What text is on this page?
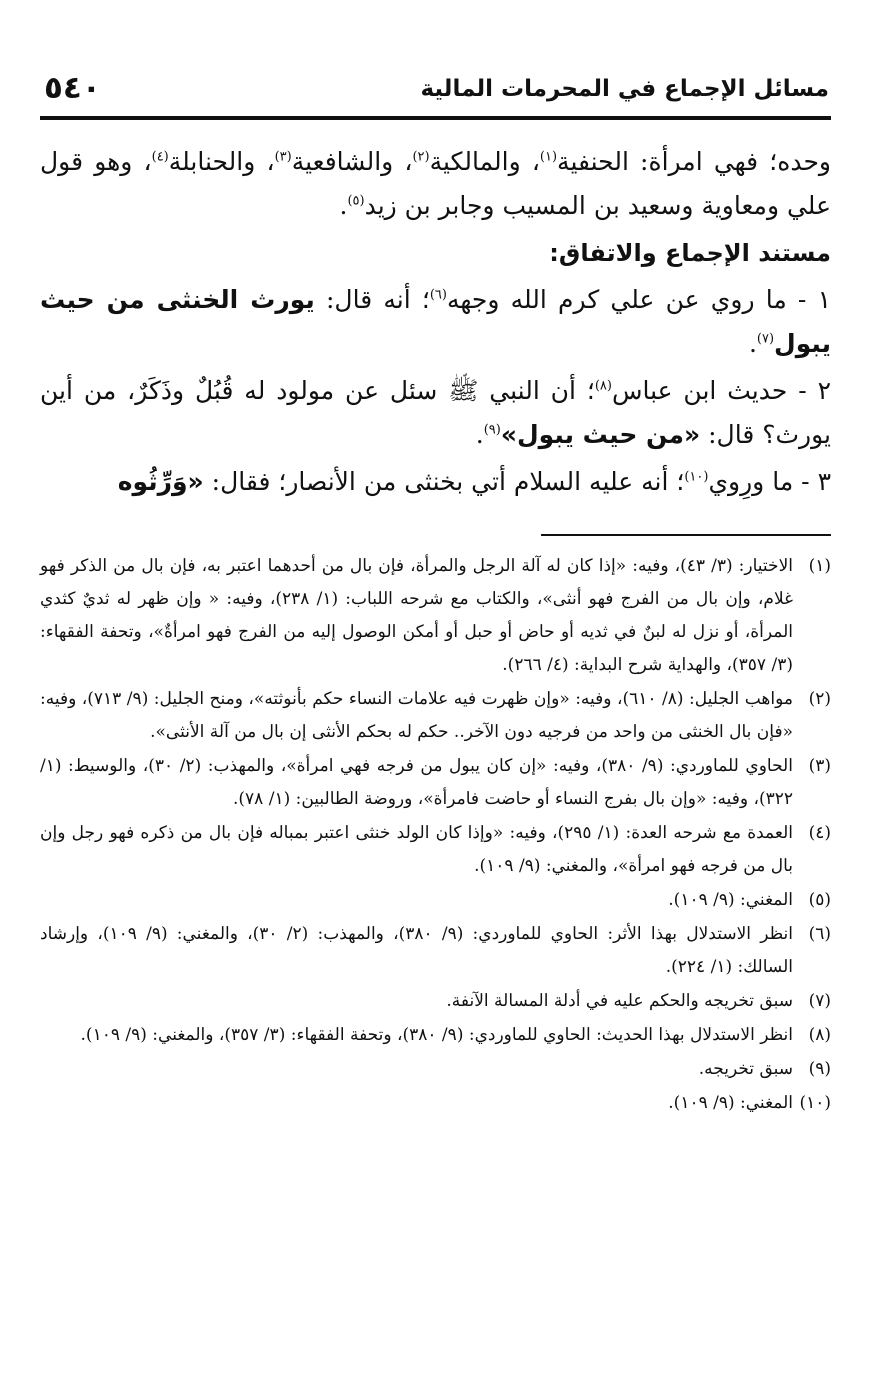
مسائل الإجماع في المحرمات المالية
٥٤٠

وحده؛ فهي امرأة: الحنفية$^{(١)}$، والمالكية$^{(٢)}$، والشافعية$^{(٣)}$، والحنابلة$^{(٤)}$، وهو قول علي ومعاوية وسعيد بن المسيب وجابر بن زيد$^{(٥)}$.

مستند الإجماع والاتفاق:

١ - ما روي عن علي كرم الله وجهه$^{(٦)}$؛ أنه قال: يورث الخنثى من حيث يبول$^{(٧)}$.

٢ - حديث ابن عباس$^{(٨)}$؛ أن النبي ﷺ سئل عن مولود له قُبُلٌ وذَكَرٌ، من أين يورث؟ قال: «من حيث يبول»$^{(٩)}$.

٣ - ما ورِوي$^{(١٠)}$؛ أنه عليه السلام أتي بخنثى من الأنصار؛ فقال: «وَرِّثُوه

(١)
الاختيار: (٣/ ٤٣)، وفيه: «إذا كان له آلة الرجل والمرأة، فإن بال من أحدهما اعتبر به، فإن بال من الذكر فهو غلام، وإن بال من الفرج فهو أنثى»، والكتاب مع شرحه اللباب: (١/ ٢٣٨)، وفيه: « وإن ظهر له ثديٌ كثدي المرأة، أو نزل له لبنٌ في ثديه أو حاض أو حبل أو أمكن الوصول إليه من الفرج فهو امرأةٌ»، وتحفة الفقهاء: (٣/ ٣٥٧)، والهداية شرح البداية: (٤/ ٢٦٦).
(٢)
مواهب الجليل: (٨/ ٦١٠)، وفيه: «وإن ظهرت فيه علامات النساء حكم بأنوثته»، ومنح الجليل: (٩/ ٧١٣)، وفيه: «فإن بال الخنثى من واحد من فرجيه دون الآخر.. حكم له بحكم الأنثى إن بال من آلة الأنثى».
(٣)
الحاوي للماوردي: (٩/ ٣٨٠)، وفيه: «إن كان يبول من فرجه فهي امرأة»، والمهذب: (٢/ ٣٠)، والوسيط: (١/ ٣٢٢)، وفيه: «وإن بال بفرج النساء أو حاضت فامرأة»، وروضة الطالبين: (١/ ٧٨).
(٤)
العمدة مع شرحه العدة: (١/ ٢٩٥)، وفيه: «وإذا كان الولد خنثى اعتبر بمباله فإن بال من ذكره فهو رجل وإن بال من فرجه فهو امرأة»، والمغني: (٩/ ١٠٩).
(٥)
المغني: (٩/ ١٠٩).
(٦)
انظر الاستدلال بهذا الأثر: الحاوي للماوردي: (٩/ ٣٨٠)، والمهذب: (٢/ ٣٠)، والمغني: (٩/ ١٠٩)، وإرشاد السالك: (١/ ٢٢٤).
(٧)
سبق تخريجه والحكم عليه في أدلة المسالة الآنفة.
(٨)
انظر الاستدلال بهذا الحديث: الحاوي للماوردي: (٩/ ٣٨٠)، وتحفة الفقهاء: (٣/ ٣٥٧)، والمغني: (٩/ ١٠٩).
(٩)
سبق تخريجه.
(١٠)
المغني: (٩/ ١٠٩).
